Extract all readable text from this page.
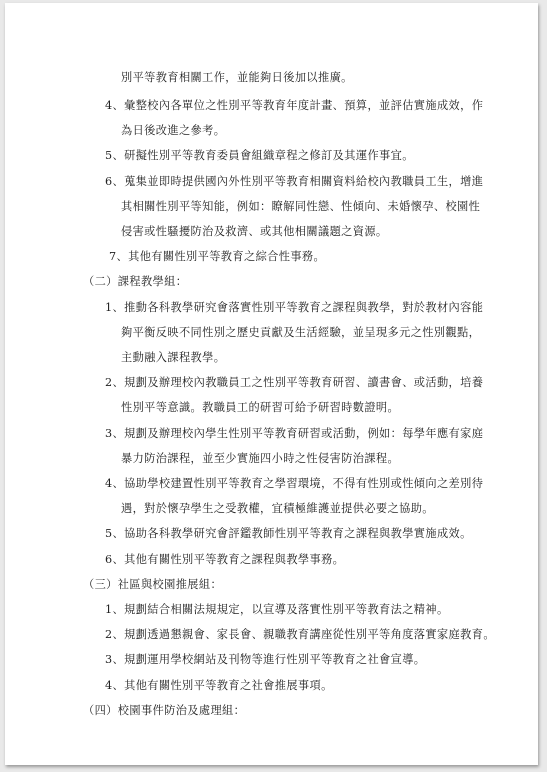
別平等教育相關工作，並能夠日後加以推廣。
4、彙整校內各單位之性別平等教育年度計畫、預算，並評估實施成效，作
為日後改進之參考。
5、研擬性別平等教育委員會組織章程之修訂及其運作事宜。
6、蒐集並即時提供國內外性別平等教育相關資料給校內教職員工生，增進
其相關性別平等知能，例如：瞭解同性戀、性傾向、未婚懷孕、校園性
侵害或性騷擾防治及救濟、或其他相關議題之資源。
7、其他有關性別平等教育之綜合性事務。
（二）課程教學組：
1、推動各科教學研究會落實性別平等教育之課程與教學，對於教材內容能
夠平衡反映不同性別之歷史貢獻及生活經驗，並呈現多元之性別觀點，
主動融入課程教學。
2、規劃及辦理校內教職員工之性別平等教育研習、讀書會、或活動，培養
性別平等意識。教職員工的研習可給予研習時數證明。
3、規劃及辦理校內學生性別平等教育研習或活動，例如：每學年應有家庭
暴力防治課程，並至少實施四小時之性侵害防治課程。
4、協助學校建置性別平等教育之學習環境，不得有性別或性傾向之差別待
遇，對於懷孕學生之受教權，宜積極維護並提供必要之協助。
5、協助各科教學研究會評鑑教師性別平等教育之課程與教學實施成效。
6、其他有關性別平等教育之課程與教學事務。
（三）社區與校園推展組：
1、規劃結合相關法規規定，以宣導及落實性別平等教育法之精神。
2、規劃透過懇親會、家長會、親職教育講座從性別平等角度落實家庭教育。
3、規劃運用學校網站及刊物等進行性別平等教育之社會宣導。
4、其他有關性別平等教育之社會推展事項。
（四）校園事件防治及處理組：
